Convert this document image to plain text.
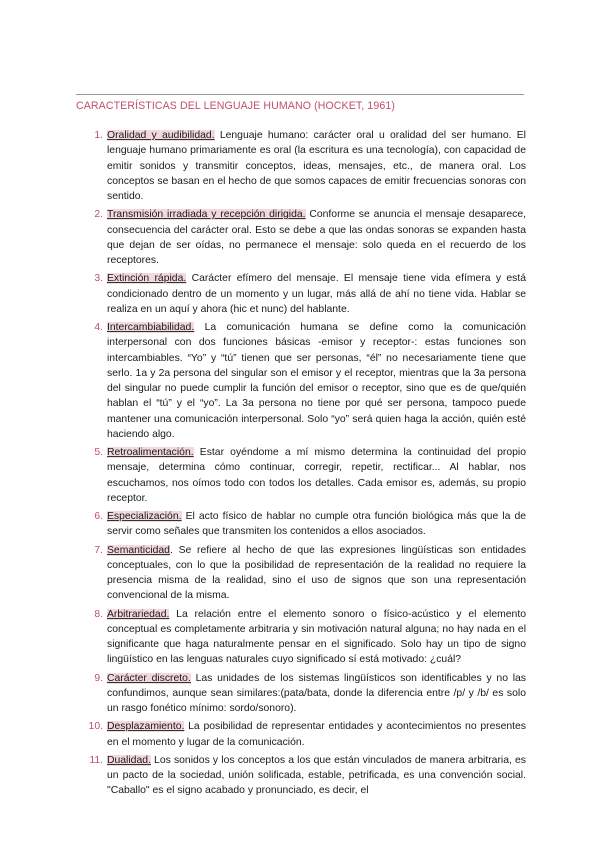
CARACTERÍSTICAS DEL LENGUAJE HUMANO (HOCKET, 1961)
1. Oralidad y audibilidad. Lenguaje humano: carácter oral u oralidad del ser humano. El lenguaje humano primariamente es oral (la escritura es una tecnología), con capacidad de emitir sonidos y transmitir conceptos, ideas, mensajes, etc., de manera oral. Los conceptos se basan en el hecho de que somos capaces de emitir frecuencias sonoras con sentido.
2. Transmisión irradiada y recepción dirigida. Conforme se anuncia el mensaje desaparece, consecuencia del carácter oral. Esto se debe a que las ondas sonoras se expanden hasta que dejan de ser oídas, no permanece el mensaje: solo queda en el recuerdo de los receptores.
3. Extinción rápida. Carácter efímero del mensaje. El mensaje tiene vida efímera y está condicionado dentro de un momento y un lugar, más allá de ahí no tiene vida. Hablar se realiza en un aquí y ahora (hic et nunc) del hablante.
4. Intercambiabilidad. La comunicación humana se define como la comunicación interpersonal con dos funciones básicas -emisor y receptor-: estas funciones son intercambiables. “Yo” y “tú” tienen que ser personas, “él” no necesariamente tiene que serlo. 1a y 2a persona del singular son el emisor y el receptor, mientras que la 3a persona del singular no puede cumplir la función del emisor o receptor, sino que es de que/quién hablan el “tú” y el “yo”. La 3a persona no tiene por qué ser persona, tampoco puede mantener una comunicación interpersonal. Solo “yo” será quien haga la acción, quién esté haciendo algo.
5. Retroalimentación. Estar oyéndome a mí mismo determina la continuidad del propio mensaje, determina cómo continuar, corregir, repetir, rectificar... Al hablar, nos escuchamos, nos oímos todo con todos los detalles. Cada emisor es, además, su propio receptor.
6. Especialización. El acto físico de hablar no cumple otra función biológica más que la de servir como señales que transmiten los contenidos a ellos asociados.
7. Semanticidad. Se refiere al hecho de que las expresiones lingüísticas son entidades conceptuales, con lo que la posibilidad de representación de la realidad no requiere la presencia misma de la realidad, sino el uso de signos que son una representación convencional de la misma.
8. Arbitrariedad. La relación entre el elemento sonoro o físico-acústico y el elemento conceptual es completamente arbitraria y sin motivación natural alguna; no hay nada en el significante que haga naturalmente pensar en el significado. Solo hay un tipo de signo lingüístico en las lenguas naturales cuyo significado sí está motivado: ¿cuál?
9. Carácter discreto. Las unidades de los sistemas lingüísticos son identificables y no las confundimos, aunque sean similares:(pata/bata, donde la diferencia entre /p/ y /b/ es solo un rasgo fonético mínimo: sordo/sonoro).
10. Desplazamiento. La posibilidad de representar entidades y acontecimientos no presentes en el momento y lugar de la comunicación.
11. Dualidad. Los sonidos y los conceptos a los que están vinculados de manera arbitraria, es un pacto de la sociedad, unión solificada, estable, petrificada, es una convención social. "Caballo" es el signo acabado y pronunciado, es decir, el
